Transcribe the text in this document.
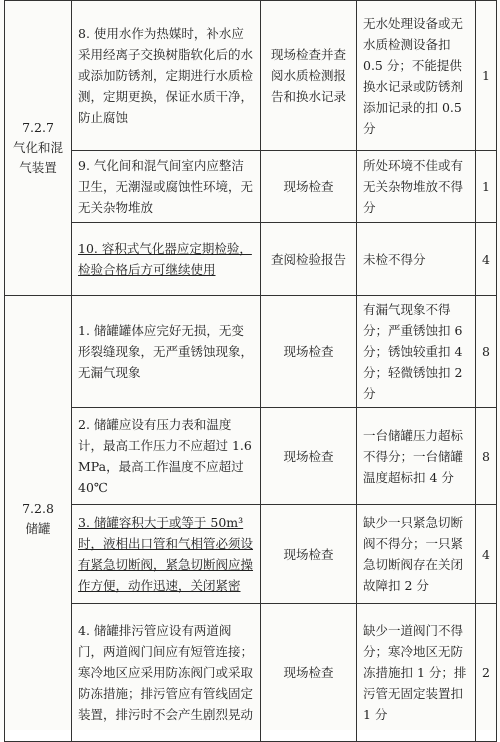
7.2.7
气化和混气装置	8. 使用水作为热媒时，补水应采用经离子交换树脂软化后的水或添加防锈剂，定期进行水质检测，定期更换，保证水质干净，防止腐蚀	现场检查并查阅水质检测报告和换水记录	无水处理设备或无水质检测设备扣 0.5 分；不能提供换水记录或防锈剂添加记录的扣 0.5 分	1
	9. 气化间和混气间室内应整洁卫生，无潮湿或腐蚀性环境，无无关杂物堆放	现场检查	所处环境不佳或有无关杂物堆放不得分	1
	10. 容积式气化器应定期检验，检验合格后方可继续使用	查阅检验报告	未检不得分	4

7.2.8
储罐	1. 储罐罐体应完好无损，无变形裂缝现象，无严重锈蚀现象，无漏气现象	现场检查	有漏气现象不得分；严重锈蚀扣 6 分；锈蚀较重扣 4 分；轻微锈蚀扣 2 分	8
	2. 储罐应设有压力表和温度计，最高工作压力不应超过 1.6 MPa，最高工作温度不应超过 40℃	现场检查	一台储罐压力超标不得分；一台储罐温度超标扣 4 分	8
	3. 储罐容积大于或等于 50m³ 时，液相出口管和气相管必须设有紧急切断阀，紧急切断阀应操作方便，动作迅速，关闭紧密	现场检查	缺少一只紧急切断阀不得分；一只紧急切断阀存在关闭故障扣 2 分	4
	4. 储罐排污管应设有两道阀门，两道阀门间应有短管连接；寒冷地区应采用防冻阀门或采取防冻措施；排污管应有管线固定装置，排污时不会产生剧烈晃动	现场检查	缺少一道阀门不得分；寒冷地区无防冻措施扣 1 分；排污管无固定装置扣 1 分	2
